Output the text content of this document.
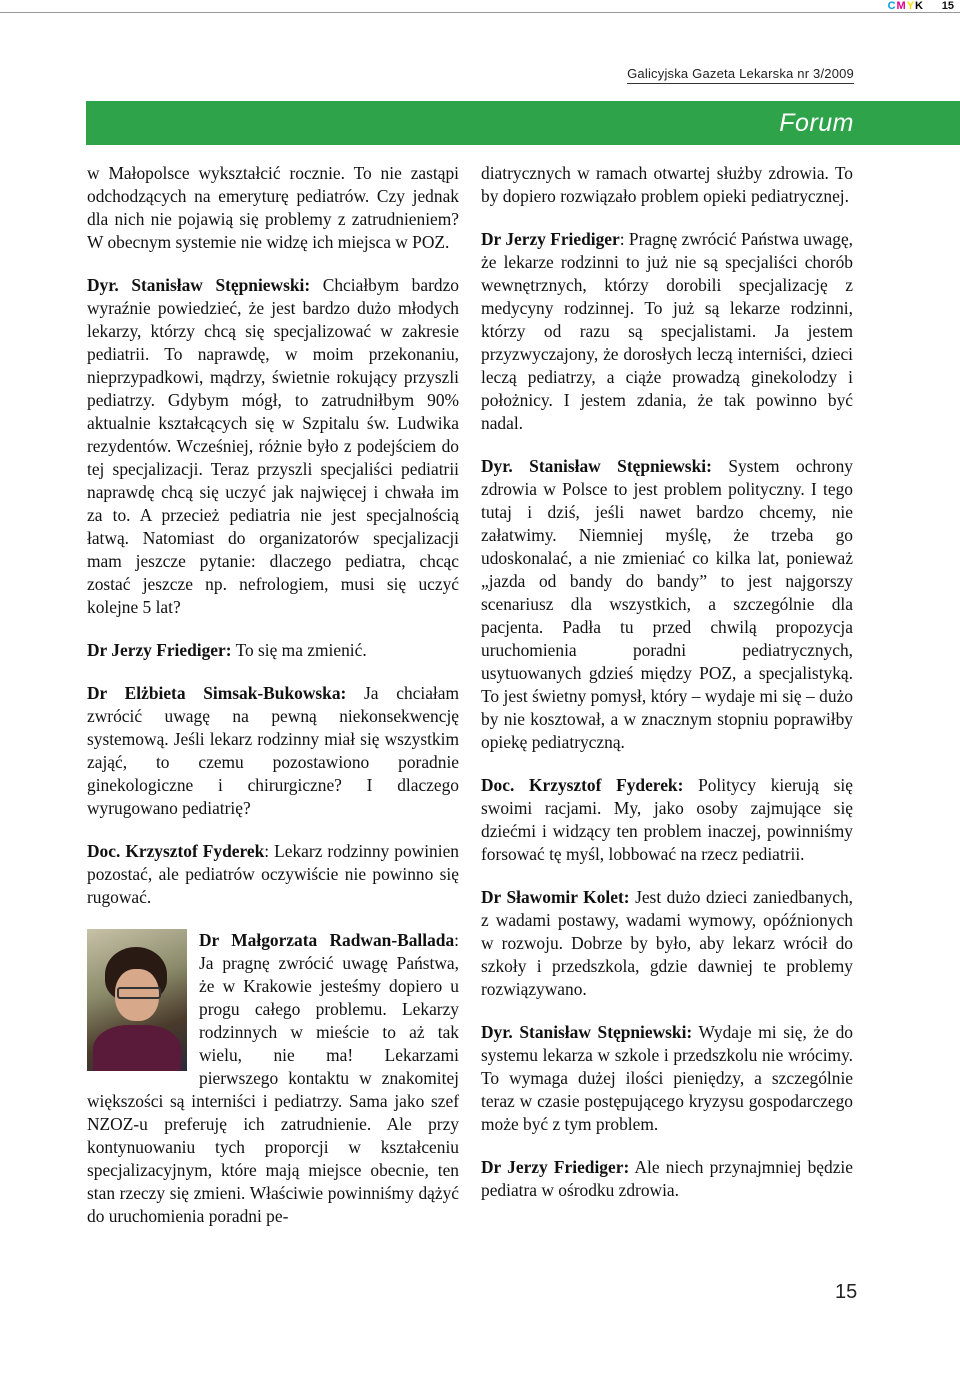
CMYK 15
Galicyjska Gazeta Lekarska nr 3/2009
Forum

w Małopolsce wykształcić rocznie. To nie zastąpi odchodzących na emeryturę pediatrów. Czy jednak dla nich nie pojawią się problemy z zatrudnieniem? W obecnym systemie nie widzę ich miejsca w POZ.

Dyr. Stanisław Stępniewski: Chciałbym bardzo wyraźnie powiedzieć, że jest bardzo dużo młodych lekarzy, którzy chcą się specjalizować w zakresie pediatrii. To naprawdę, w moim przekonaniu, nieprzypadkowi, mądrzy, świetnie rokujący przyszli pediatrzy. Gdybym mógł, to zatrudniłbym 90% aktualnie kształcących się w Szpitalu św. Ludwika rezydentów. Wcześniej, różnie było z podejściem do tej specjalizacji. Teraz przyszli specjaliści pediatrii naprawdę chcą się uczyć jak najwięcej i chwała im za to. A przecież pediatria nie jest specjalnością łatwą. Natomiast do organizatorów specjalizacji mam jeszcze pytanie: dlaczego pediatra, chcąc zostać jeszcze np. nefrologiem, musi się uczyć kolejne 5 lat?

Dr Jerzy Friediger: To się ma zmienić.

Dr Elżbieta Simsak-Bukowska: Ja chciałam zwrócić uwagę na pewną niekonsekwencję systemową. Jeśli lekarz rodzinny miał się wszystkim zająć, to czemu pozostawiono poradnie ginekologiczne i chirurgiczne? I dlaczego wyrugowano pediatrię?

Doc. Krzysztof Fyderek: Lekarz rodzinny powinien pozostać, ale pediatrów oczywiście nie powinno się rugować.

Dr Małgorzata Radwan-Ballada: Ja pragnę zwrócić uwagę Państwa, że w Krakowie jesteśmy dopiero u progu całego problemu. Lekarzy rodzinnych w mieście to aż tak wielu, nie ma! Lekarzami pierwszego kontaktu w znakomitej większości są interniści i pediatrzy. Sama jako szef NZOZ-u preferuję ich zatrudnienie. Ale przy kontynuowaniu tych proporcji w kształceniu specjalizacyjnym, które mają miejsce obecnie, ten stan rzeczy się zmieni. Właściwie powinniśmy dążyć do uruchomienia poradni pe-

diatrycznych w ramach otwartej służby zdrowia. To by dopiero rozwiązało problem opieki pediatrycznej.

Dr Jerzy Friediger: Pragnę zwrócić Państwa uwagę, że lekarze rodzinni to już nie są specjaliści chorób wewnętrznych, którzy dorobili specjalizację z medycyny rodzinnej. To już są lekarze rodzinni, którzy od razu są specjalistami. Ja jestem przyzwyczajony, że dorosłych leczą interniści, dzieci leczą pediatrzy, a ciąże prowadzą ginekolodzy i położnicy. I jestem zdania, że tak powinno być nadal.

Dyr. Stanisław Stępniewski: System ochrony zdrowia w Polsce to jest problem polityczny. I tego tutaj i dziś, jeśli nawet bardzo chcemy, nie załatwimy. Niemniej myślę, że trzeba go udoskonalać, a nie zmieniać co kilka lat, ponieważ „jazda od bandy do bandy” to jest najgorszy scenariusz dla wszystkich, a szczególnie dla pacjenta. Padła tu przed chwilą propozycja uruchomienia poradni pediatrycznych, usytuowanych gdzieś między POZ, a specjalistyką. To jest świetny pomysł, który – wydaje mi się – dużo by nie kosztował, a w znacznym stopniu poprawiłby opiekę pediatryczną.

Doc. Krzysztof Fyderek: Politycy kierują się swoimi racjami. My, jako osoby zajmujące się dziećmi i widzący ten problem inaczej, powinniśmy forsować tę myśl, lobbować na rzecz pediatrii.

Dr Sławomir Kolet: Jest dużo dzieci zaniedbanych, z wadami postawy, wadami wymowy, opóźnionych w rozwoju. Dobrze by było, aby lekarz wrócił do szkoły i przedszkola, gdzie dawniej te problemy rozwiązywano.

Dyr. Stanisław Stępniewski: Wydaje mi się, że do systemu lekarza w szkole i przedszkolu nie wrócimy. To wymaga dużej ilości pieniędzy, a szczególnie teraz w czasie postępującego kryzysu gospodarczego może być z tym problem.

Dr Jerzy Friediger: Ale niech przynajmniej będzie pediatra w ośrodku zdrowia.

15
